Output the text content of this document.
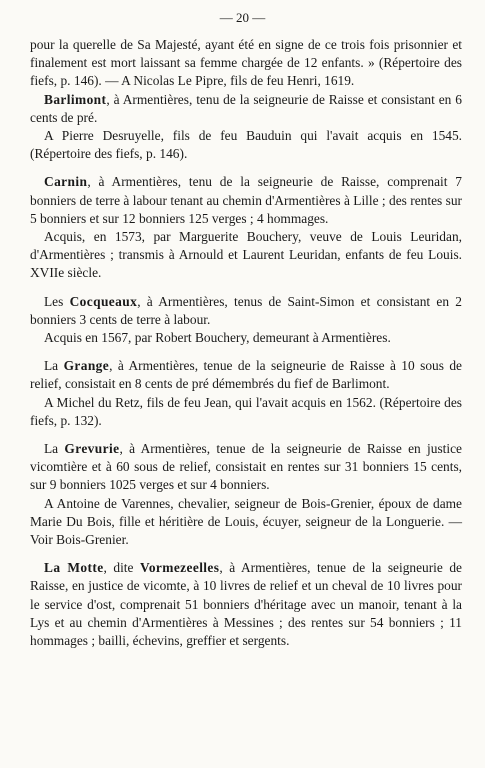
— 20 —

pour la querelle de Sa Majesté, ayant été en signe de ce trois fois prisonnier et finalement est mort laissant sa femme chargée de 12 enfants. » (Répertoire des fiefs, p. 146). — A Nicolas Le Pipre, fils de feu Henri, 1619.

Barlimont, à Armentières, tenu de la seigneurie de Raisse et consistant en 6 cents de pré.

A Pierre Desruyelle, fils de feu Bauduin qui l'avait acquis en 1545. (Répertoire des fiefs, p. 146).

Carnin, à Armentières, tenu de la seigneurie de Raisse, comprenait 7 bonniers de terre à labour tenant au chemin d'Armentières à Lille ; des rentes sur 5 bonniers et sur 12 bonniers 125 verges ; 4 hommages.

Acquis, en 1573, par Marguerite Bouchery, veuve de Louis Leuridan, d'Armentières ; transmis à Arnould et Laurent Leuridan, enfants de feu Louis. XVIIe siècle.

Les Cocqueaux, à Armentières, tenus de Saint-Simon et consistant en 2 bonniers 3 cents de terre à labour.

Acquis en 1567, par Robert Bouchery, demeurant à Armentières.

La Grange, à Armentières, tenue de la seigneurie de Raisse à 10 sous de relief, consistait en 8 cents de pré démembrés du fief de Barlimont.

A Michel du Retz, fils de feu Jean, qui l'avait acquis en 1562. (Répertoire des fiefs, p. 132).

La Grevurie, à Armentières, tenue de la seigneurie de Raisse en justice vicomtière et à 60 sous de relief, consistait en rentes sur 31 bonniers 15 cents, sur 9 bonniers 1025 verges et sur 4 bonniers.

A Antoine de Varennes, chevalier, seigneur de Bois-Grenier, époux de dame Marie Du Bois, fille et héritière de Louis, écuyer, seigneur de la Longuerie. — Voir Bois-Grenier.

La Motte, dite Vormezeelles, à Armentières, tenue de la seigneurie de Raisse, en justice de vicomte, à 10 livres de relief et un cheval de 10 livres pour le service d'ost, comprenait 51 bonniers d'héritage avec un manoir, tenant à la Lys et au chemin d'Armentières à Messines ; des rentes sur 54 bonniers ; 11 hommages ; bailli, échevins, greffier et sergents.
